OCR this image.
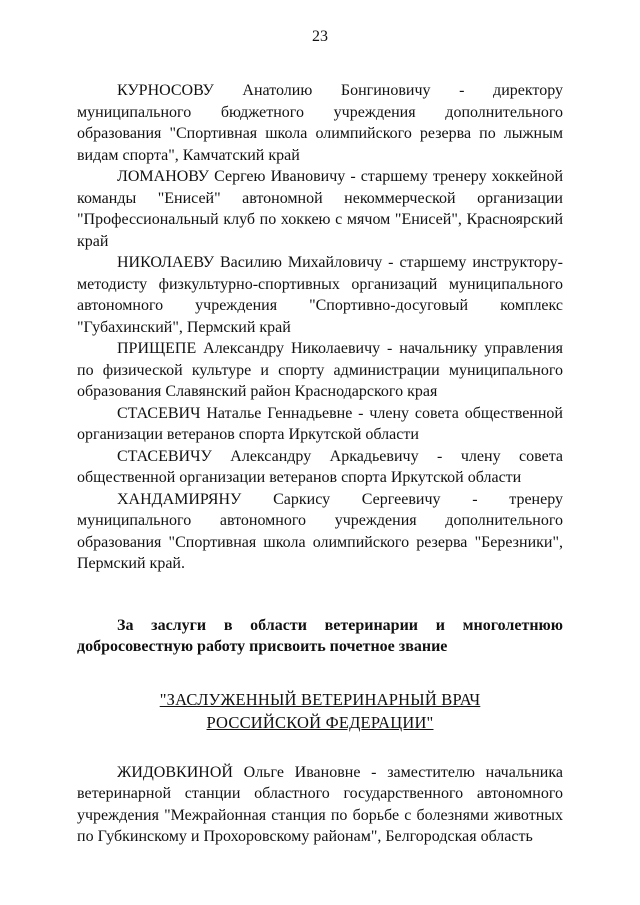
23

КУРНОСОВУ Анатолию Бонгиновичу - директору муниципального бюджетного учреждения дополнительного образования "Спортивная школа олимпийского резерва по лыжным видам спорта", Камчатский край

ЛОМАНОВУ Сергею Ивановичу - старшему тренеру хоккейной команды "Енисей" автономной некоммерческой организации "Профессиональный клуб по хоккею с мячом "Енисей", Красноярский край

НИКОЛАЕВУ Василию Михайловичу - старшему инструктору-методисту физкультурно-спортивных организаций муниципального автономного учреждения "Спортивно-досуговый комплекс "Губахинский", Пермский край

ПРИЩЕПЕ Александру Николаевичу - начальнику управления по физической культуре и спорту администрации муниципального образования Славянский район Краснодарского края

СТАСЕВИЧ Наталье Геннадьевне - члену совета общественной организации ветеранов спорта Иркутской области

СТАСЕВИЧУ Александру Аркадьевичу - члену совета общественной организации ветеранов спорта Иркутской области

ХАНДАМИРЯНУ Саркису Сергеевичу - тренеру муниципального автономного учреждения дополнительного образования "Спортивная школа олимпийского резерва "Березники", Пермский край.

За заслуги в области ветеринарии и многолетнюю добросовестную работу присвоить почетное звание

"ЗАСЛУЖЕННЫЙ ВЕТЕРИНАРНЫЙ ВРАЧ

РОССИЙСКОЙ ФЕДЕРАЦИИ"

ЖИДОВКИНОЙ Ольге Ивановне - заместителю начальника ветеринарной станции областного государственного автономного учреждения "Межрайонная станция по борьбе с болезнями животных по Губкинскому и Прохоровскому районам", Белгородская область
